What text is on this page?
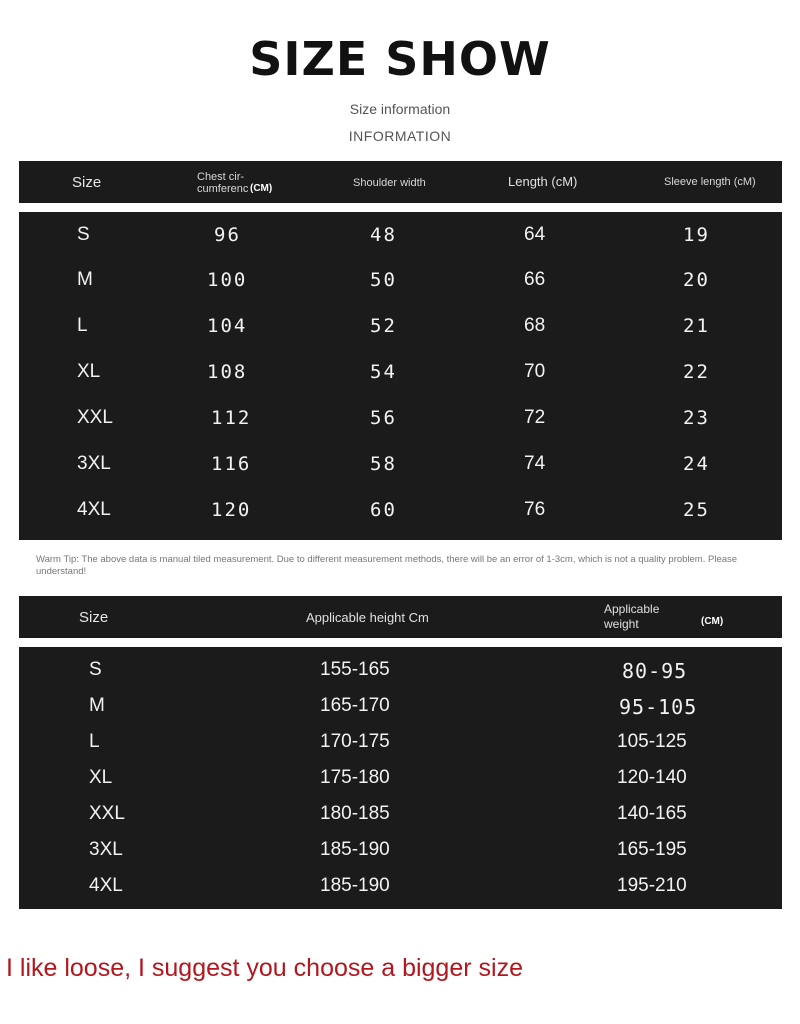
SIZE SHOW
Size information
INFORMATION
Size	Chest cir-
cumferenc (CM)	Shoulder width	Length (cM)	Sleeve length (cM)
S	96	48	64	19
M	100	50	66	20
L	104	52	68	21
XL	108	54	70	22
XXL	112	56	72	23
3XL	116	58	74	24
4XL	120	60	76	25
Warm Tip: The above data is manual tiled measurement. Due to different measurement methods, there will be an error of 1-3cm, which is not a quality problem. Please understand!
Size	Applicable height Cm
Applicable
weight	(CM)
S	155-165	80-95
M	165-170	95-105
L	170-175	105-125
XL	175-180	120-140
XXL	180-185	140-165
3XL	185-190	165-195
4XL	185-190	195-210
I like loose, I suggest you choose a bigger size
